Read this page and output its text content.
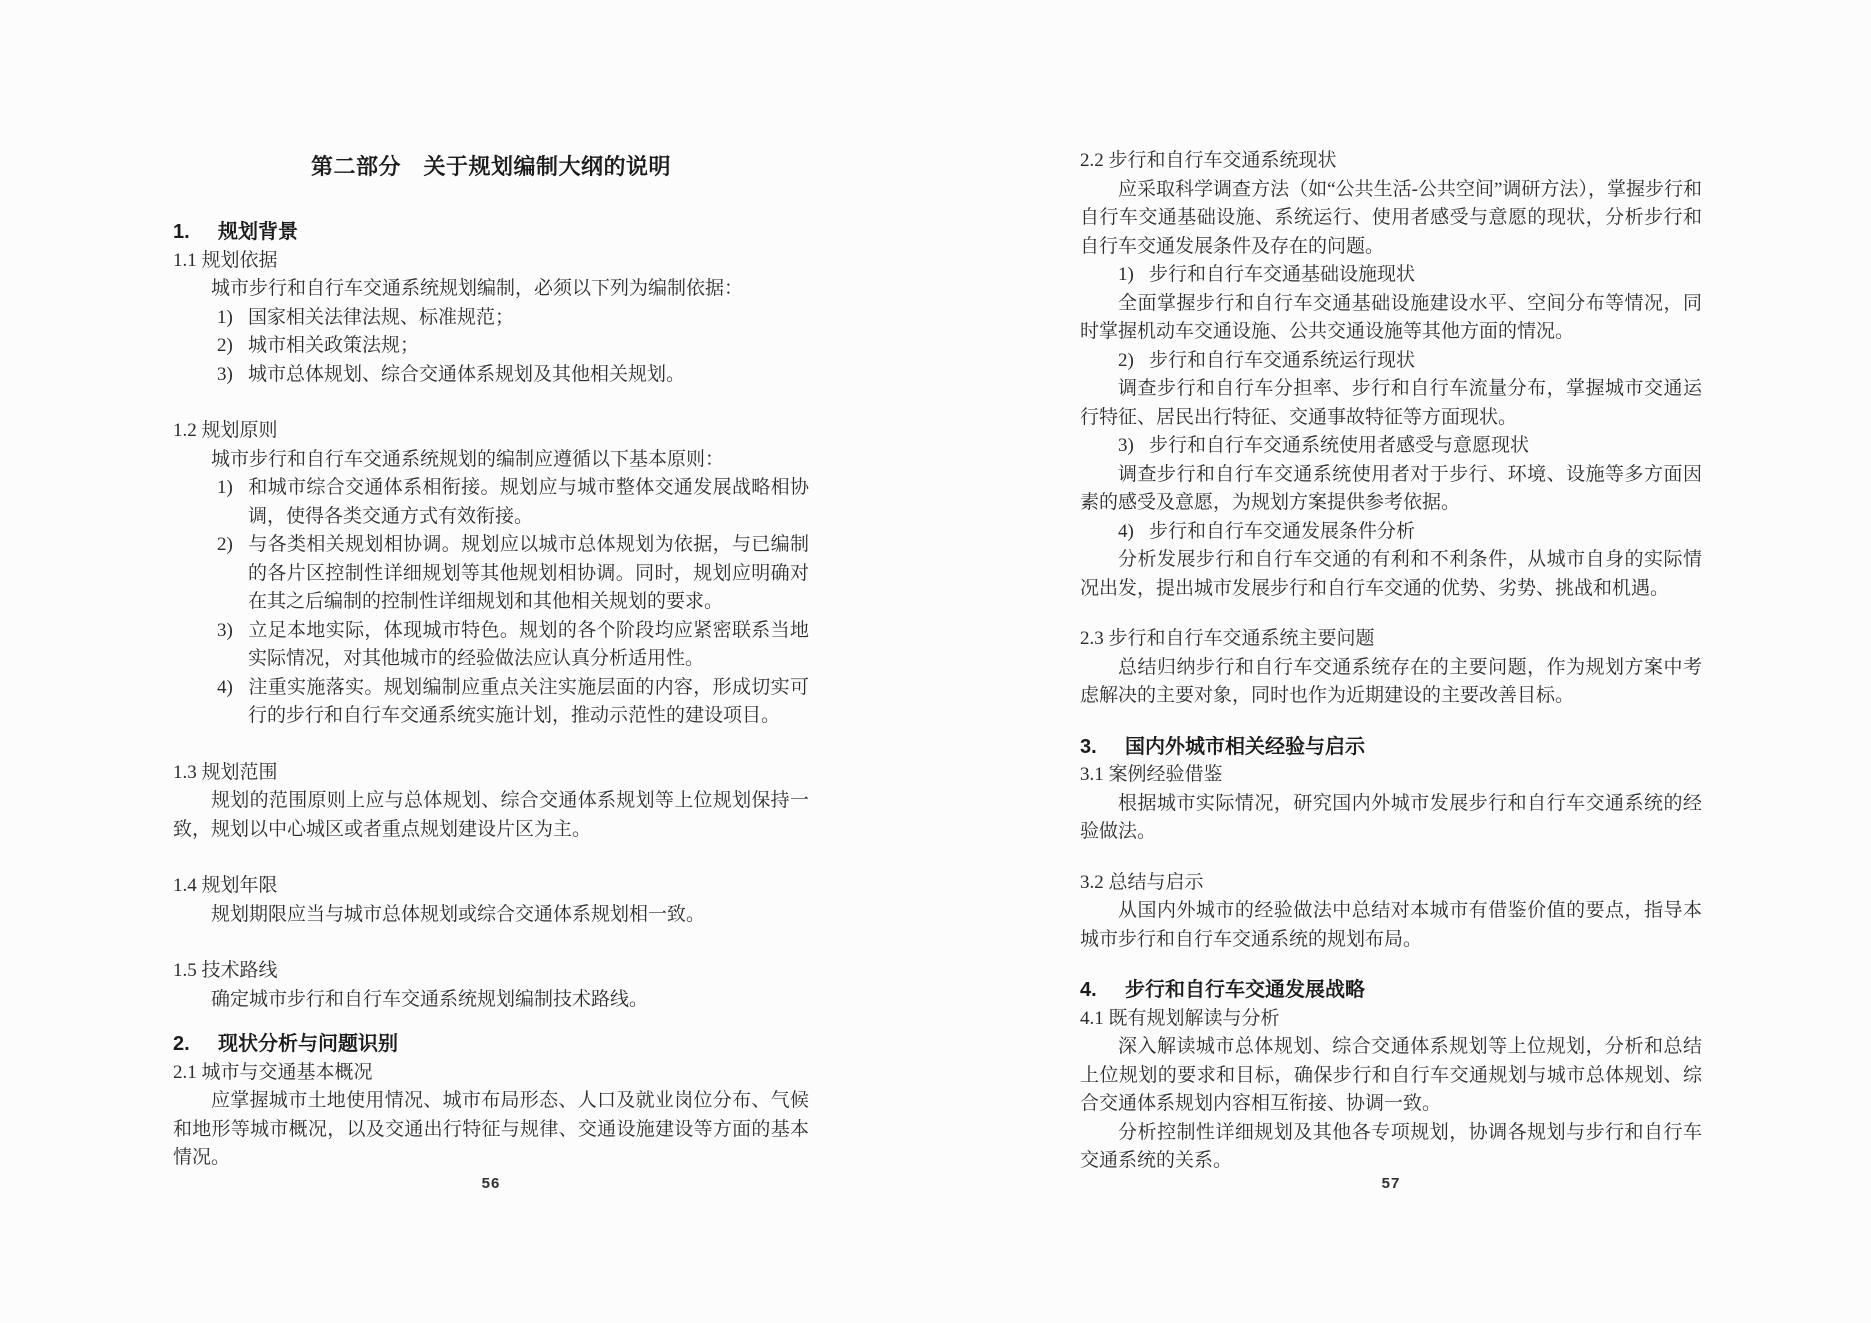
第二部分　关于规划编制大纲的说明

1. 规划背景

1.1 规划依据

城市步行和自行车交通系统规划编制，必须以下列为编制依据：

1) 国家相关法律法规、标准规范；

2) 城市相关政策法规；

3) 城市总体规划、综合交通体系规划及其他相关规划。

1.2 规划原则

城市步行和自行车交通系统规划的编制应遵循以下基本原则：

1) 和城市综合交通体系相衔接。规划应与城市整体交通发展战略相协调，使得各类交通方式有效衔接。

2) 与各类相关规划相协调。规划应以城市总体规划为依据，与已编制的各片区控制性详细规划等其他规划相协调。同时，规划应明确对在其之后编制的控制性详细规划和其他相关规划的要求。

3) 立足本地实际，体现城市特色。规划的各个阶段均应紧密联系当地实际情况，对其他城市的经验做法应认真分析适用性。

4) 注重实施落实。规划编制应重点关注实施层面的内容，形成切实可行的步行和自行车交通系统实施计划，推动示范性的建设项目。

1.3 规划范围

规划的范围原则上应与总体规划、综合交通体系规划等上位规划保持一致，规划以中心城区或者重点规划建设片区为主。

1.4 规划年限

规划期限应当与城市总体规划或综合交通体系规划相一致。

1.5 技术路线

确定城市步行和自行车交通系统规划编制技术路线。

2. 现状分析与问题识别

2.1 城市与交通基本概况

应掌握城市土地使用情况、城市布局形态、人口及就业岗位分布、气候和地形等城市概况，以及交通出行特征与规律、交通设施建设等方面的基本情况。

56

2.2 步行和自行车交通系统现状

应采取科学调查方法（如“公共生活-公共空间”调研方法），掌握步行和自行车交通基础设施、系统运行、使用者感受与意愿的现状，分析步行和自行车交通发展条件及存在的问题。

1) 步行和自行车交通基础设施现状

全面掌握步行和自行车交通基础设施建设水平、空间分布等情况，同时掌握机动车交通设施、公共交通设施等其他方面的情况。

2) 步行和自行车交通系统运行现状

调查步行和自行车分担率、步行和自行车流量分布，掌握城市交通运行特征、居民出行特征、交通事故特征等方面现状。

3) 步行和自行车交通系统使用者感受与意愿现状

调查步行和自行车交通系统使用者对于步行、环境、设施等多方面因素的感受及意愿，为规划方案提供参考依据。

4) 步行和自行车交通发展条件分析

分析发展步行和自行车交通的有利和不利条件，从城市自身的实际情况出发，提出城市发展步行和自行车交通的优势、劣势、挑战和机遇。

2.3 步行和自行车交通系统主要问题

总结归纳步行和自行车交通系统存在的主要问题，作为规划方案中考虑解决的主要对象，同时也作为近期建设的主要改善目标。

3. 国内外城市相关经验与启示

3.1 案例经验借鉴

根据城市实际情况，研究国内外城市发展步行和自行车交通系统的经验做法。

3.2 总结与启示

从国内外城市的经验做法中总结对本城市有借鉴价值的要点，指导本城市步行和自行车交通系统的规划布局。

4. 步行和自行车交通发展战略

4.1 既有规划解读与分析

深入解读城市总体规划、综合交通体系规划等上位规划，分析和总结上位规划的要求和目标，确保步行和自行车交通规划与城市总体规划、综合交通体系规划内容相互衔接、协调一致。

分析控制性详细规划及其他各专项规划，协调各规划与步行和自行车交通系统的关系。

57
